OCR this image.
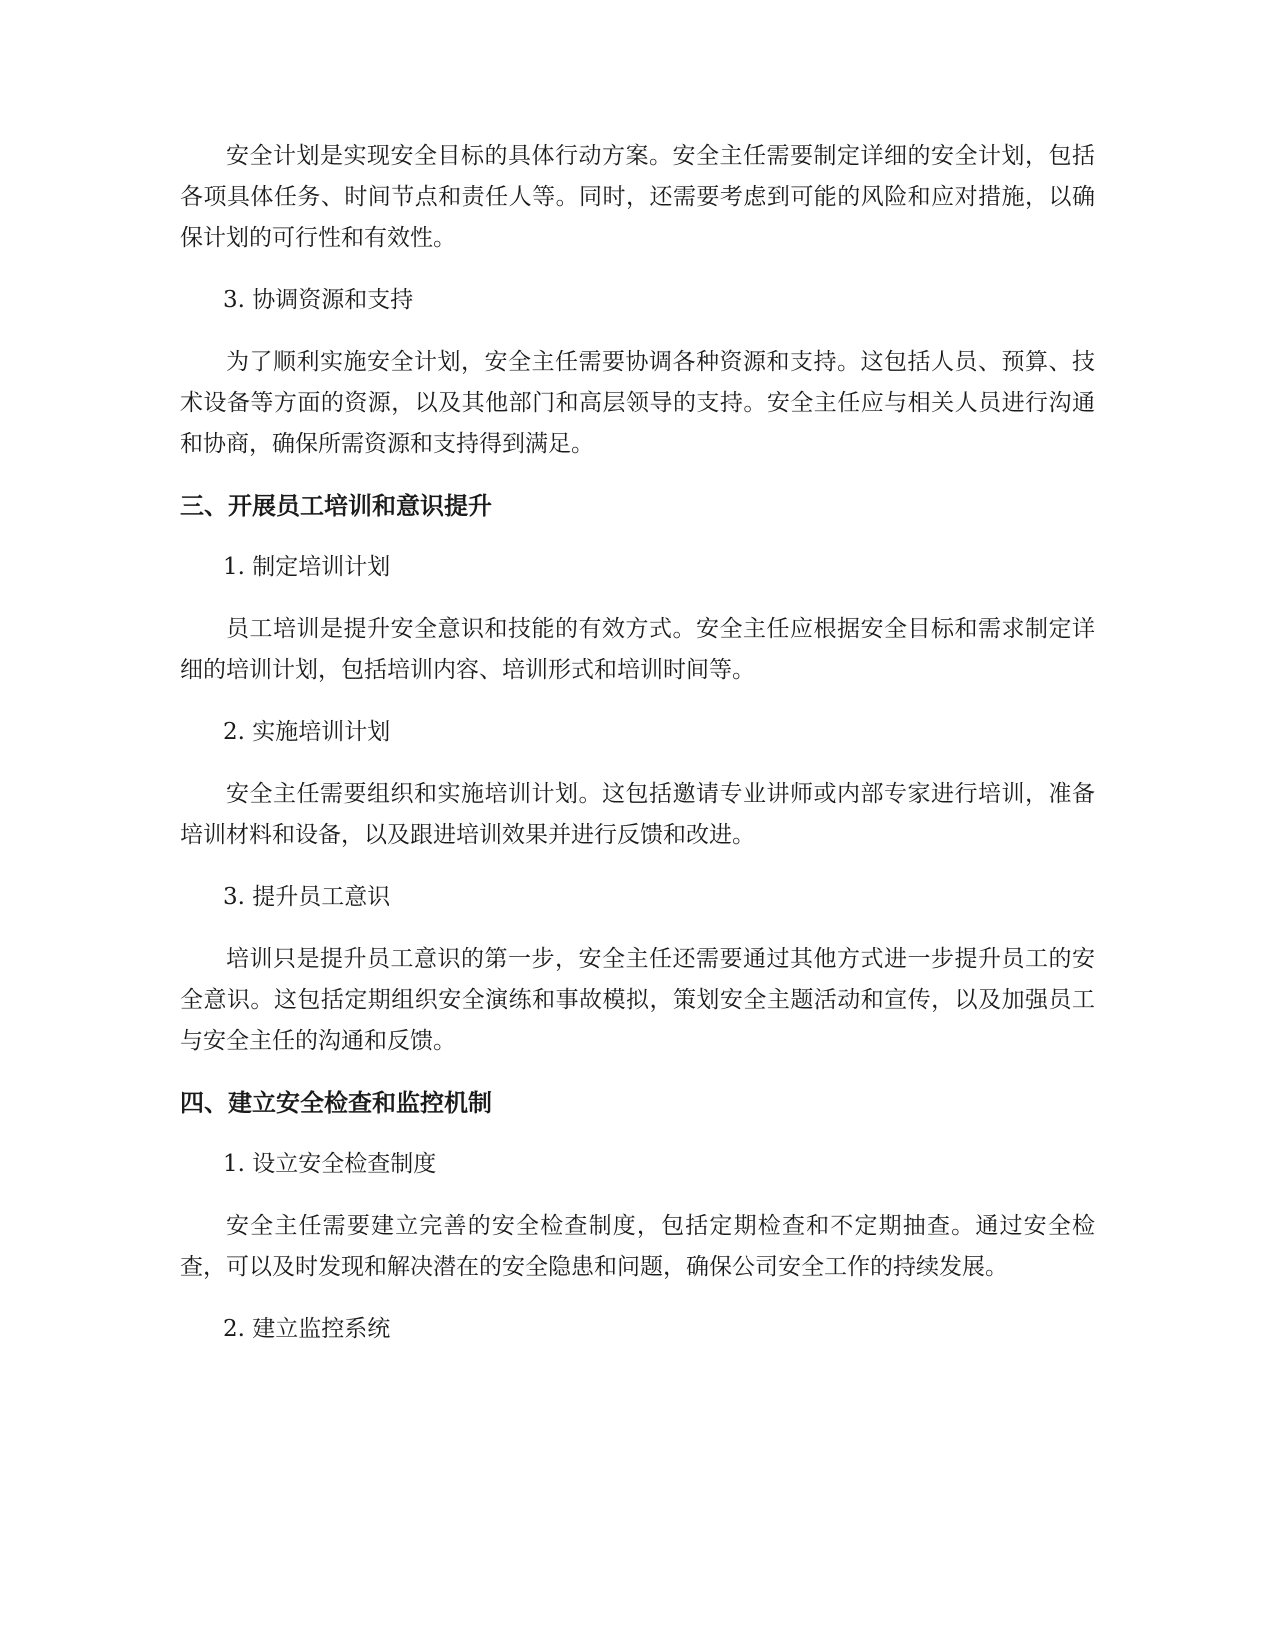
安全计划是实现安全目标的具体行动方案。安全主任需要制定详细的安全计划，包括各项具体任务、时间节点和责任人等。同时，还需要考虑到可能的风险和应对措施，以确保计划的可行性和有效性。

3. 协调资源和支持

为了顺利实施安全计划，安全主任需要协调各种资源和支持。这包括人员、预算、技术设备等方面的资源，以及其他部门和高层领导的支持。安全主任应与相关人员进行沟通和协商，确保所需资源和支持得到满足。

三、开展员工培训和意识提升

1. 制定培训计划

员工培训是提升安全意识和技能的有效方式。安全主任应根据安全目标和需求制定详细的培训计划，包括培训内容、培训形式和培训时间等。

2. 实施培训计划

安全主任需要组织和实施培训计划。这包括邀请专业讲师或内部专家进行培训，准备培训材料和设备，以及跟进培训效果并进行反馈和改进。

3. 提升员工意识

培训只是提升员工意识的第一步，安全主任还需要通过其他方式进一步提升员工的安全意识。这包括定期组织安全演练和事故模拟，策划安全主题活动和宣传，以及加强员工与安全主任的沟通和反馈。

四、建立安全检查和监控机制

1. 设立安全检查制度

安全主任需要建立完善的安全检查制度，包括定期检查和不定期抽查。通过安全检查，可以及时发现和解决潜在的安全隐患和问题，确保公司安全工作的持续发展。

2. 建立监控系统
